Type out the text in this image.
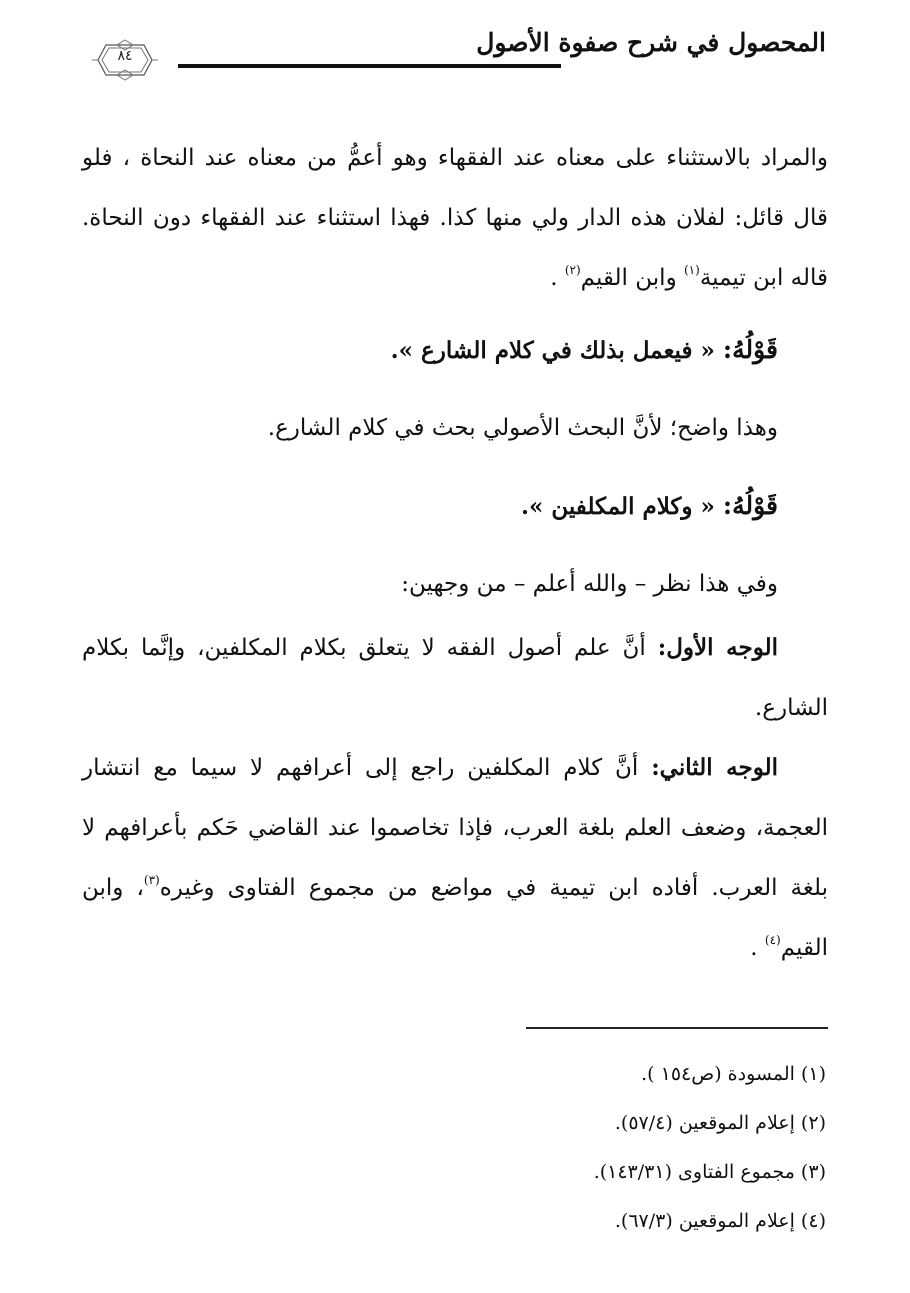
المحصول في شرح صفوة الأصول
٨٤

والمراد بالاستثناء على معناه عند الفقهاء وهو أعمُّ من معناه عند النحاة ، فلو قال قائل: لفلان هذه الدار ولي منها كذا. فهذا استثناء عند الفقهاء دون النحاة. قاله ابن تيمية$^{(١)}$ وابن القيم$^{(٢)}$ .

قَوْلُهُ: « فيعمل بذلك في كلام الشارع ».

وهذا واضح؛ لأنَّ البحث الأصولي بحث في كلام الشارع.

قَوْلُهُ: « وكلام المكلفين ».

وفي هذا نظر – والله أعلم – من وجهين:

الوجه الأول: أنَّ علم أصول الفقه لا يتعلق بكلام المكلفين، وإنَّما بكلام الشارع.

الوجه الثاني: أنَّ كلام المكلفين راجع إلى أعرافهم لا سيما مع انتشار العجمة، وضعف العلم بلغة العرب، فإذا تخاصموا عند القاضي حَكم بأعرافهم لا بلغة العرب. أفاده ابن تيمية في مواضع من مجموع الفتاوى وغيره$^{(٣)}$، وابن القيم$^{(٤)}$ .

(١) المسودة (ص١٥٤ ).

(٢) إعلام الموقعين (٥٧/٤).

(٣) مجموع الفتاوى (١٤٣/٣١).

(٤) إعلام الموقعين (٦٧/٣).
